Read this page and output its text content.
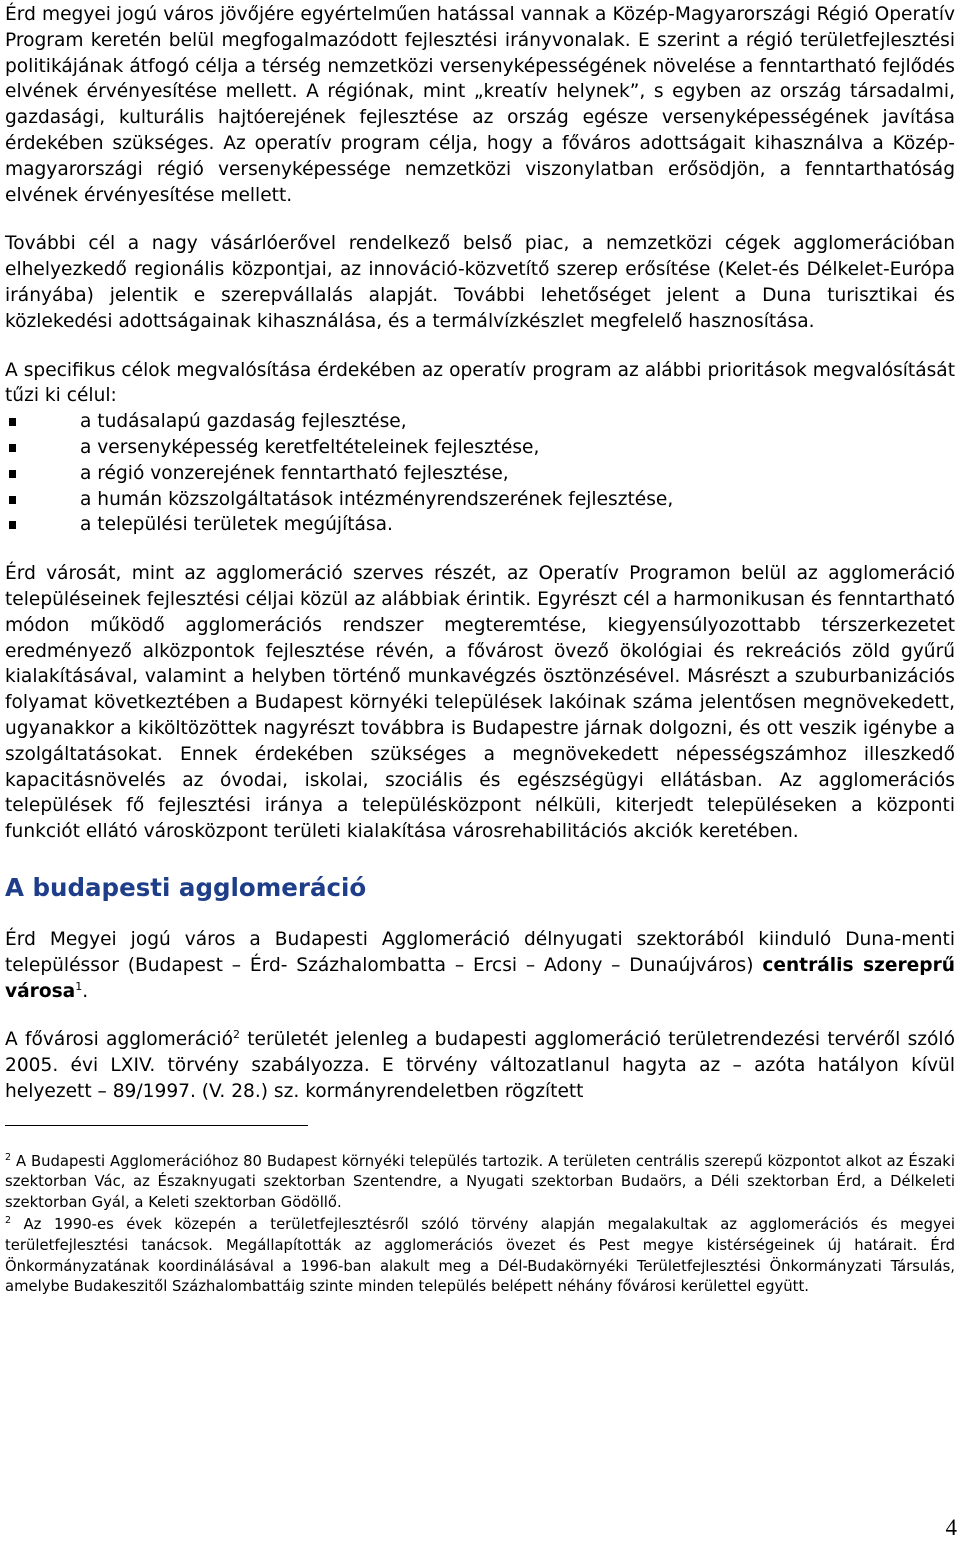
Érd megyei jogú város jövőjére egyértelműen hatással vannak a Közép-Magyarországi Régió Operatív Program keretén belül megfogalmazódott fejlesztési irányvonalak. E szerint a régió területfejlesztési politikájának átfogó célja a térség nemzetközi versenyképességének növelése a fenntartható fejlődés elvének érvényesítése mellett. A régiónak, mint „kreatív helynek”, s egyben az ország társadalmi, gazdasági, kulturális hajtóerejének fejlesztése az ország egésze versenyképességének javítása érdekében szükséges. Az operatív program célja, hogy a főváros adottságait kihasználva a Közép-magyarországi régió versenyképessége nemzetközi viszonylatban erősödjön, a fenntarthatóság elvének érvényesítése mellett.

További cél a nagy vásárlóerővel rendelkező belső piac, a nemzetközi cégek agglomerációban elhelyezkedő regionális központjai, az innováció-közvetítő szerep erősítése (Kelet-és Délkelet-Európa irányába) jelentik e szerepvállalás alapját. További lehetőséget jelent a Duna turisztikai és közlekedési adottságainak kihasználása, és a termálvízkészlet megfelelő hasznosítása.

A specifikus célok megvalósítása érdekében az operatív program az alábbi prioritások megvalósítását tűzi ki célul:

a tudásalapú gazdaság fejlesztése,
a versenyképesség keretfeltételeinek fejlesztése,
a régió vonzerejének fenntartható fejlesztése,
a humán közszolgáltatások intézményrendszerének fejlesztése,
a települési területek megújítása.

Érd városát, mint az agglomeráció szerves részét, az Operatív Programon belül az agglomeráció településeinek fejlesztési céljai közül az alábbiak érintik. Egyrészt cél a harmonikusan és fenntartható módon működő agglomerációs rendszer megteremtése, kiegyensúlyozottabb térszerkezetet eredményező alközpontok fejlesztése révén, a fővárost övező ökológiai és rekreációs zöld gyűrű kialakításával, valamint a helyben történő munkavégzés ösztönzésével. Másrészt a szuburbanizációs folyamat következtében a Budapest környéki települések lakóinak száma jelentősen megnövekedett, ugyanakkor a kiköltözöttek nagyrészt továbbra is Budapestre járnak dolgozni, és ott veszik igénybe a szolgáltatásokat. Ennek érdekében szükséges a megnövekedett népességszámhoz illeszkedő kapacitásnövelés az óvodai, iskolai, szociális és egészségügyi ellátásban. Az agglomerációs települések fő fejlesztési iránya a településközpont nélküli, kiterjedt településeken a központi funkciót ellátó városközpont területi kialakítása városrehabilitációs akciók keretében.

A budapesti agglomeráció

Érd Megyei jogú város a Budapesti Agglomeráció délnyugati szektorából kiinduló Duna-menti településsor (Budapest – Érd- Százhalombatta – Ercsi – Adony – Dunaújváros) centrális szereprű városa$^1$.

A fővárosi agglomeráció$^2$ területét jelenleg a budapesti agglomeráció területrendezési tervéről szóló 2005. évi LXIV. törvény szabályozza. E törvény változatlanul hagyta az – azóta hatályon kívül helyezett – 89/1997. (V. 28.) sz. kormányrendeletben rögzített

$^2$ A Budapesti Agglomerációhoz 80 Budapest környéki település tartozik. A területen centrális szerepű központot alkot az Északi szektorban Vác, az Északnyugati szektorban Szentendre, a Nyugati szektorban Budaörs, a Déli szektorban Érd, a Délkeleti szektorban Gyál, a Keleti szektorban Gödöllő.

$^2$ Az 1990-es évek közepén a területfejlesztésről szóló törvény alapján megalakultak az agglomerációs és megyei területfejlesztési tanácsok. Megállapították az agglomerációs övezet és Pest megye kistérségeinek új határait. Érd Önkormányzatának koordinálásával a 1996-ban alakult meg a Dél-Budakörnyéki Területfejlesztési Önkormányzati Társulás, amelybe Budakeszitől Százhalombattáig szinte minden település belépett néhány fővárosi kerülettel együtt.

4
